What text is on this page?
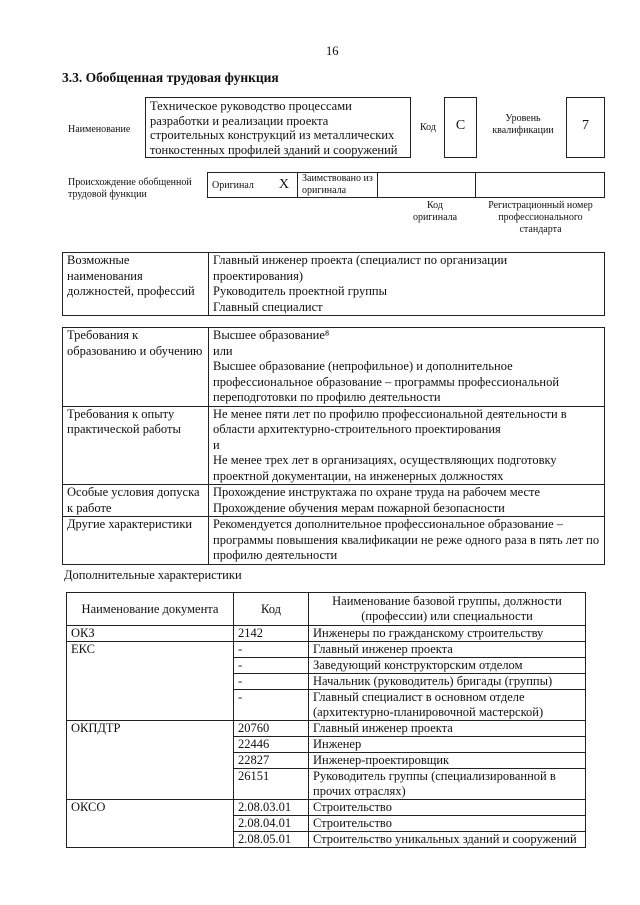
16
3.3. Обобщенная трудовая функция
Наименование
Техническое руководство процессами разработки и реализации проекта строительных конструкций из металлических тонкостенных профилей зданий и сооружений
Код	C	Уровень квалификации	7
Происхождение обобщенной трудовой функции
Оригинал X	Заимствовано из оригинала
Код оригинала
Регистрационный номер профессионального стандарта
Возможные наименования должностей, профессий	Главный инженер проекта (специалист по организации проектирования)
Руководитель проектной группы
Главный специалист
Требования к образованию и обучению	Высшее образование⁸
или
Высшее образование (непрофильное) и дополнительное профессиональное образование – программы профессиональной переподготовки по профилю деятельности
Требования к опыту практической работы	Не менее пяти лет по профилю профессиональной деятельности в области архитектурно-строительного проектирования
и
Не менее трех лет в организациях, осуществляющих подготовку проектной документации, на инженерных должностях
Особые условия допуска к работе	Прохождение инструктажа по охране труда на рабочем месте
Прохождение обучения мерам пожарной безопасности
Другие характеристики	Рекомендуется дополнительное профессиональное образование – программы повышения квалификации не реже одного раза в пять лет по профилю деятельности
Дополнительные характеристики
Наименование документа	Код	Наименование базовой группы, должности (профессии) или специальности
ОКЗ	2142	Инженеры по гражданскому строительству
ЕКС	-	Главный инженер проекта
	-	Заведующий конструкторским отделом
	-	Начальник (руководитель) бригады (группы)
	-	Главный специалист в основном отделе (архитектурно-планировочной мастерской)
ОКПДТР	20760	Главный инженер проекта
	22446	Инженер
	22827	Инженер-проектировщик
	26151	Руководитель группы (специализированной в прочих отраслях)
ОКСО	2.08.03.01	Строительство
	2.08.04.01	Строительство
	2.08.05.01	Строительство уникальных зданий и сооружений
